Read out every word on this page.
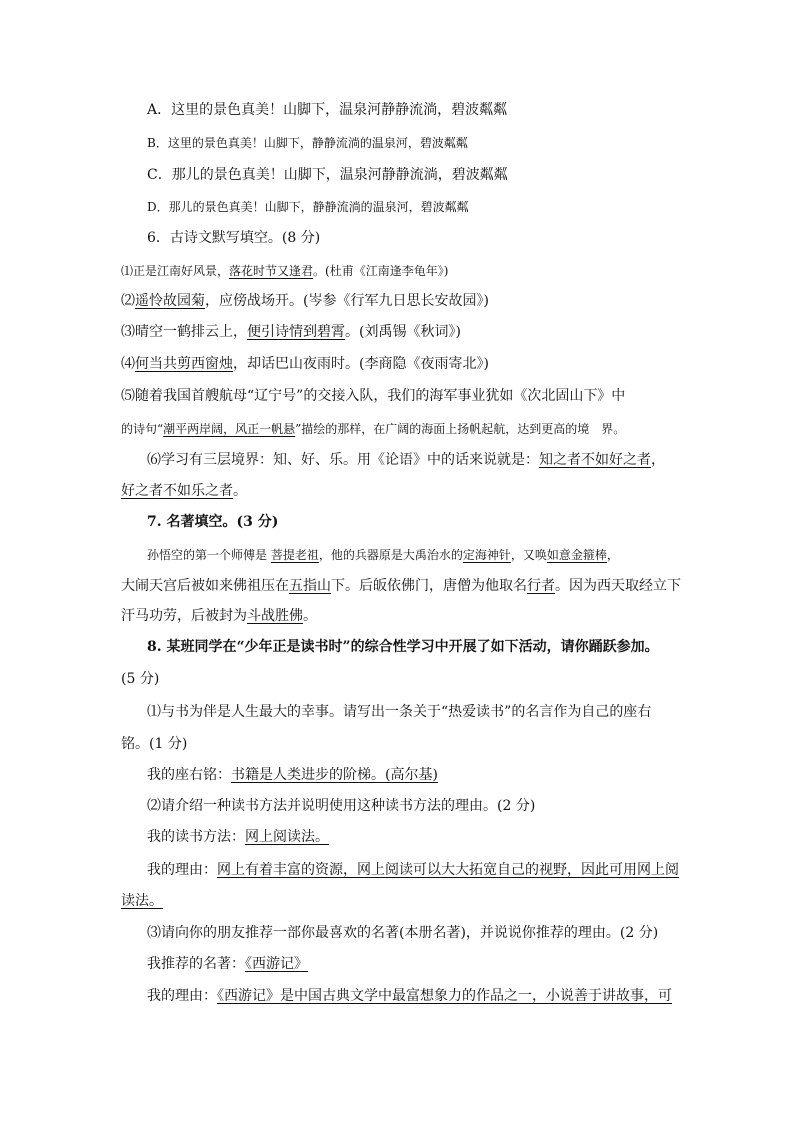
A．这里的景色真美！山脚下，温泉河静静流淌，碧波粼粼
B．这里的景色真美！山脚下，静静流淌的温泉河，碧波粼粼
C．那儿的景色真美！山脚下，温泉河静静流淌，碧波粼粼
D．那儿的景色真美！山脚下，静静流淌的温泉河，碧波粼粼
6．古诗文默写填空。(8 分)
⑴正是江南好风景，落花时节又逢君。(杜甫《江南逢李龟年》)
⑵遥怜故园菊，应傍战场开。(岑参《行军九日思长安故园》)
⑶晴空一鹤排云上，便引诗情到碧霄。(刘禹锡《秋词》)
⑷何当共剪西窗烛，却话巴山夜雨时。(李商隐《夜雨寄北》)
⑸随着我国首艘航母“辽宁号”的交接入队，我们的海军事业犹如《次北固山下》中
的诗句“潮平两岸阔，风正一帆悬”描绘的那样，在广阔的海面上扬帆起航，达到更高的境　界。
⑹学习有三层境界：知、好、乐。用《论语》中的话来说就是：知之者不如好之者，
好之者不如乐之者。
7. 名著填空。(3 分)
孙悟空的第一个师傅是 菩提老祖，他的兵器原是大禹治水的定海神针，又唤如意金箍棒，
大闹天宫后被如来佛祖压在五指山下。后皈依佛门，唐僧为他取名行者。因为西天取经立下
汗马功劳，后被封为斗战胜佛。
8. 某班同学在“少年正是读书时”的综合性学习中开展了如下活动，请你踊跃参加。
(5 分)
⑴与书为伴是人生最大的幸事。请写出一条关于“热爱读书”的名言作为自己的座右
铭。(1 分)
我的座右铭：书籍是人类进步的阶梯。(高尔基)
⑵请介绍一种读书方法并说明使用这种读书方法的理由。(2 分)
我的读书方法：网上阅读法。
我的理由：网上有着丰富的资源，网上阅读可以大大拓宽自己的视野，因此可用网上阅
读法。
⑶请向你的朋友推荐一部你最喜欢的名著(本册名著)，并说说你推荐的理由。(2 分)
我推荐的名著：《西游记》
我的理由：《西游记》是中国古典文学中最富想象力的作品之一，小说善于讲故事，可
